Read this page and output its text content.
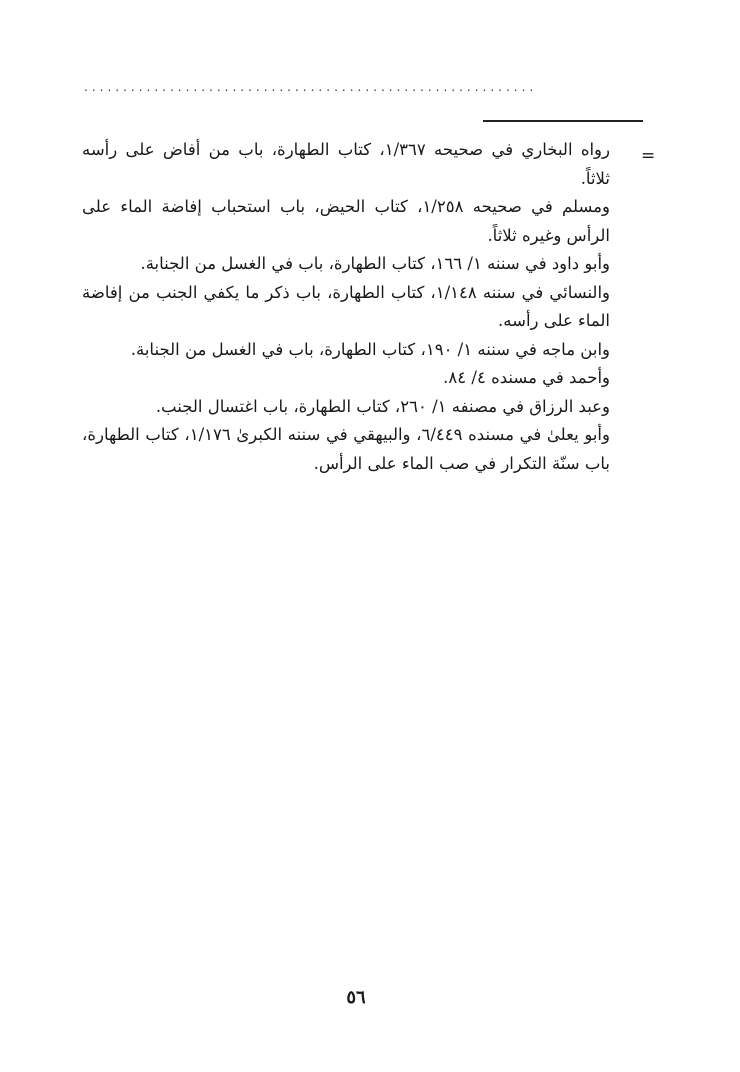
..........................................................
=

رواه البخاري في صحيحه ١/٣٦٧، كتاب الطهارة، باب من أفاض على رأسه ثلاثاً.

ومسلم في صحيحه ١/٢٥٨، كتاب الحيض، باب استحباب إفاضة الماء على الرأس وغيره ثلاثاً.

وأبو داود في سننه ١/ ١٦٦، كتاب الطهارة، باب في الغسل من الجنابة.

والنسائي في سننه ١/١٤٨، كتاب الطهارة، باب ذكر ما يكفي الجنب من إفاضة الماء على رأسه.

وابن ماجه في سننه ١/ ١٩٠، كتاب الطهارة، باب في الغسل من الجنابة.

وأحمد في مسنده ٤/ ٨٤.

وعبد الرزاق في مصنفه ١/ ٢٦٠، كتاب الطهارة، باب اغتسال الجنب.

وأبو يعلىٰ في مسنده ٦/٤٤٩، والبيهقي في سننه الكبرىٰ ١/١٧٦، كتاب الطهارة، باب سنّة التكرار في صب الماء على الرأس.

٥٦
